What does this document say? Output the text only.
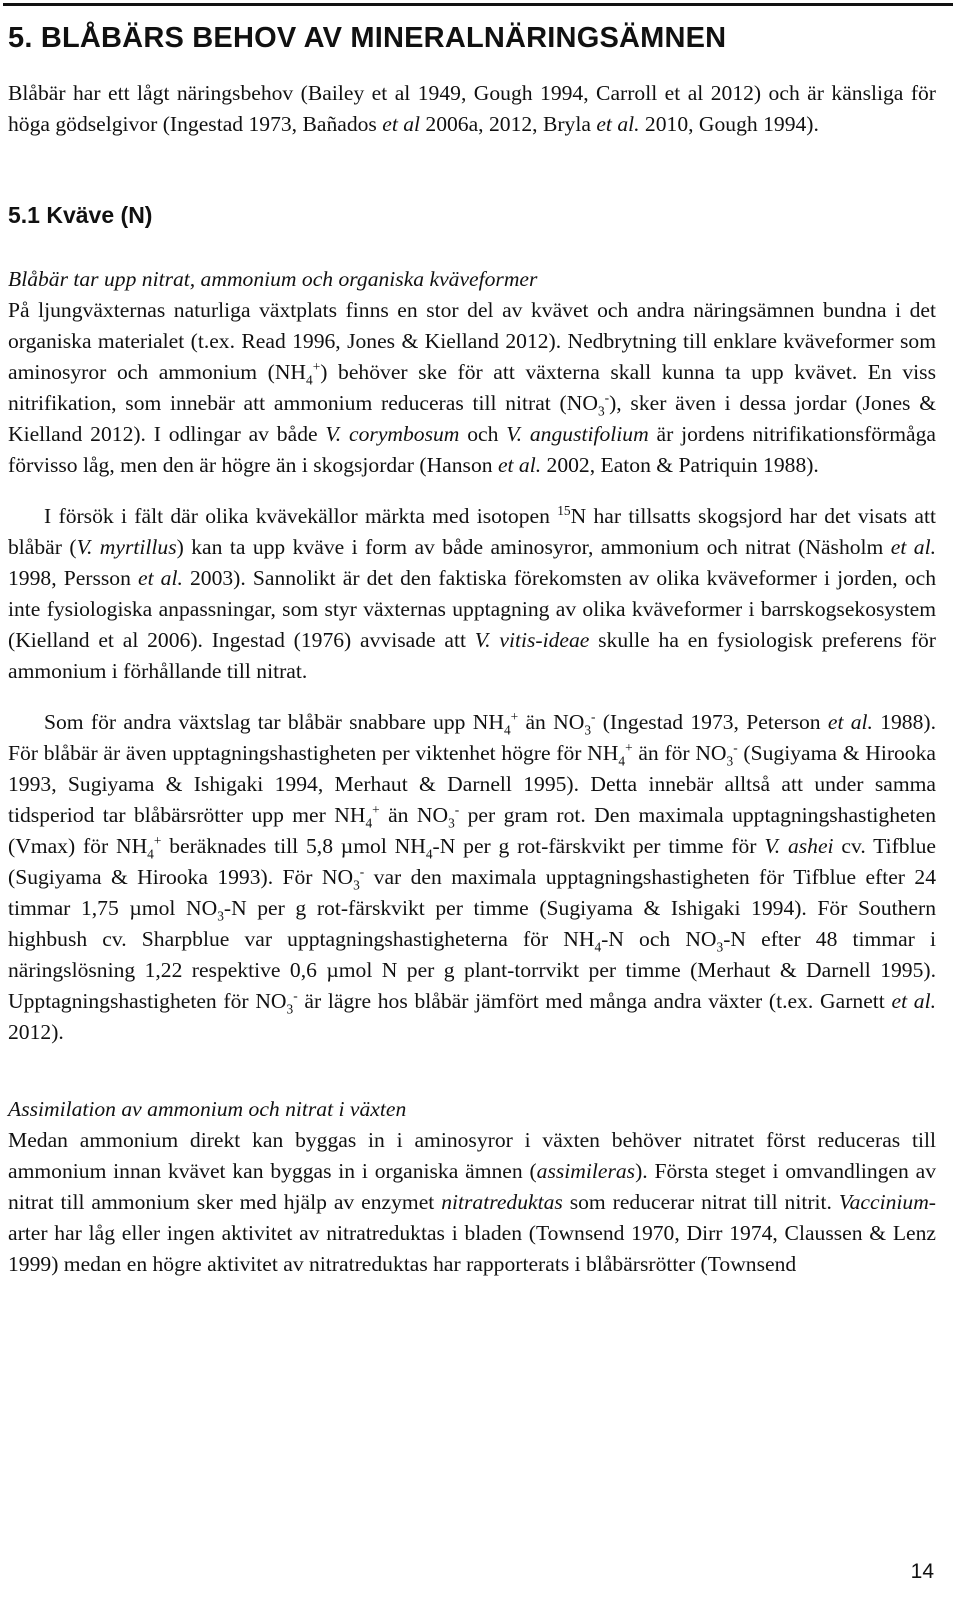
5. BLÅBÄRS BEHOV AV MINERALNÄRINGSÄMNEN

Blåbär har ett lågt näringsbehov (Bailey et al 1949, Gough 1994, Carroll et al 2012) och är känsliga för höga gödselgivor (Ingestad 1973, Bañados et al 2006a, 2012, Bryla et al. 2010, Gough 1994).

5.1 Kväve (N)

Blåbär tar upp nitrat, ammonium och organiska kväveformer

På ljungväxternas naturliga växtplats finns en stor del av kvävet och andra näringsämnen bundna i det organiska materialet (t.ex. Read 1996, Jones & Kielland 2012). Nedbrytning till enklare kväveformer som aminosyror och ammonium $(NH_4^+)$ behöver ske för att växterna skall kunna ta upp kvävet. En viss nitrifikation, som innebär att ammonium reduceras till nitrat $(NO_3^-)$, sker även i dessa jordar (Jones & Kielland 2012). I odlingar av både V. corymbosum och V. angustifolium är jordens nitrifikationsförmåga förvisso låg, men den är högre än i skogsjordar (Hanson et al. 2002, Eaton & Patriquin 1988).

I försök i fält där olika kvävekällor märkta med isotopen $^{15}$N har tillsatts skogsjord har det visats att blåbär (V. myrtillus) kan ta upp kväve i form av både aminosyror, ammonium och nitrat (Näsholm et al. 1998, Persson et al. 2003). Sannolikt är det den faktiska förekomsten av olika kväveformer i jorden, och inte fysiologiska anpassningar, som styr växternas upptagning av olika kväveformer i barrskogsekosystem (Kielland et al 2006). Ingestad (1976) avvisade att V. vitis-ideae skulle ha en fysiologisk preferens för ammonium i förhållande till nitrat.

Som för andra växtslag tar blåbär snabbare upp $NH_4^+$ än $NO_3^-$ (Ingestad 1973, Peterson et al. 1988). För blåbär är även upptagningshastigheten per viktenhet högre för $NH_4^+$ än för $NO_3^-$ (Sugiyama & Hirooka 1993, Sugiyama & Ishigaki 1994, Merhaut & Darnell 1995). Detta innebär alltså att under samma tidsperiod tar blåbärsrötter upp mer $NH_4^+$ än $NO_3^-$ per gram rot. Den maximala upptagningshastigheten (Vmax) för $NH_4^+$ beräknades till 5,8 µmol $NH_4-N$ per g rot-färskvikt per timme för V. ashei cv. Tifblue (Sugiyama & Hirooka 1993). För $NO_3^-$ var den maximala upptagningshastigheten för Tifblue efter 24 timmar 1,75 µmol $NO_3-N$ per g rot-färskvikt per timme (Sugiyama & Ishigaki 1994). För Southern highbush cv. Sharpblue var upptagningshastigheterna för $NH_4-N$ och $NO_3-N$ efter 48 timmar i näringslösning 1,22 respektive 0,6 µmol N per g plant-torrvikt per timme (Merhaut & Darnell 1995). Upptagningshastigheten för $NO_3^-$ är lägre hos blåbär jämfört med många andra växter (t.ex. Garnett et al. 2012).

Assimilation av ammonium och nitrat i växten

Medan ammonium direkt kan byggas in i aminosyror i växten behöver nitratet först reduceras till ammonium innan kvävet kan byggas in i organiska ämnen (assimileras). Första steget i omvandlingen av nitrat till ammonium sker med hjälp av enzymet nitratreduktas som reducerar nitrat till nitrit. Vaccinium-arter har låg eller ingen aktivitet av nitratreduktas i bladen (Townsend 1970, Dirr 1974, Claussen & Lenz 1999) medan en högre aktivitet av nitratreduktas har rapporterats i blåbärsrötter (Townsend

14
